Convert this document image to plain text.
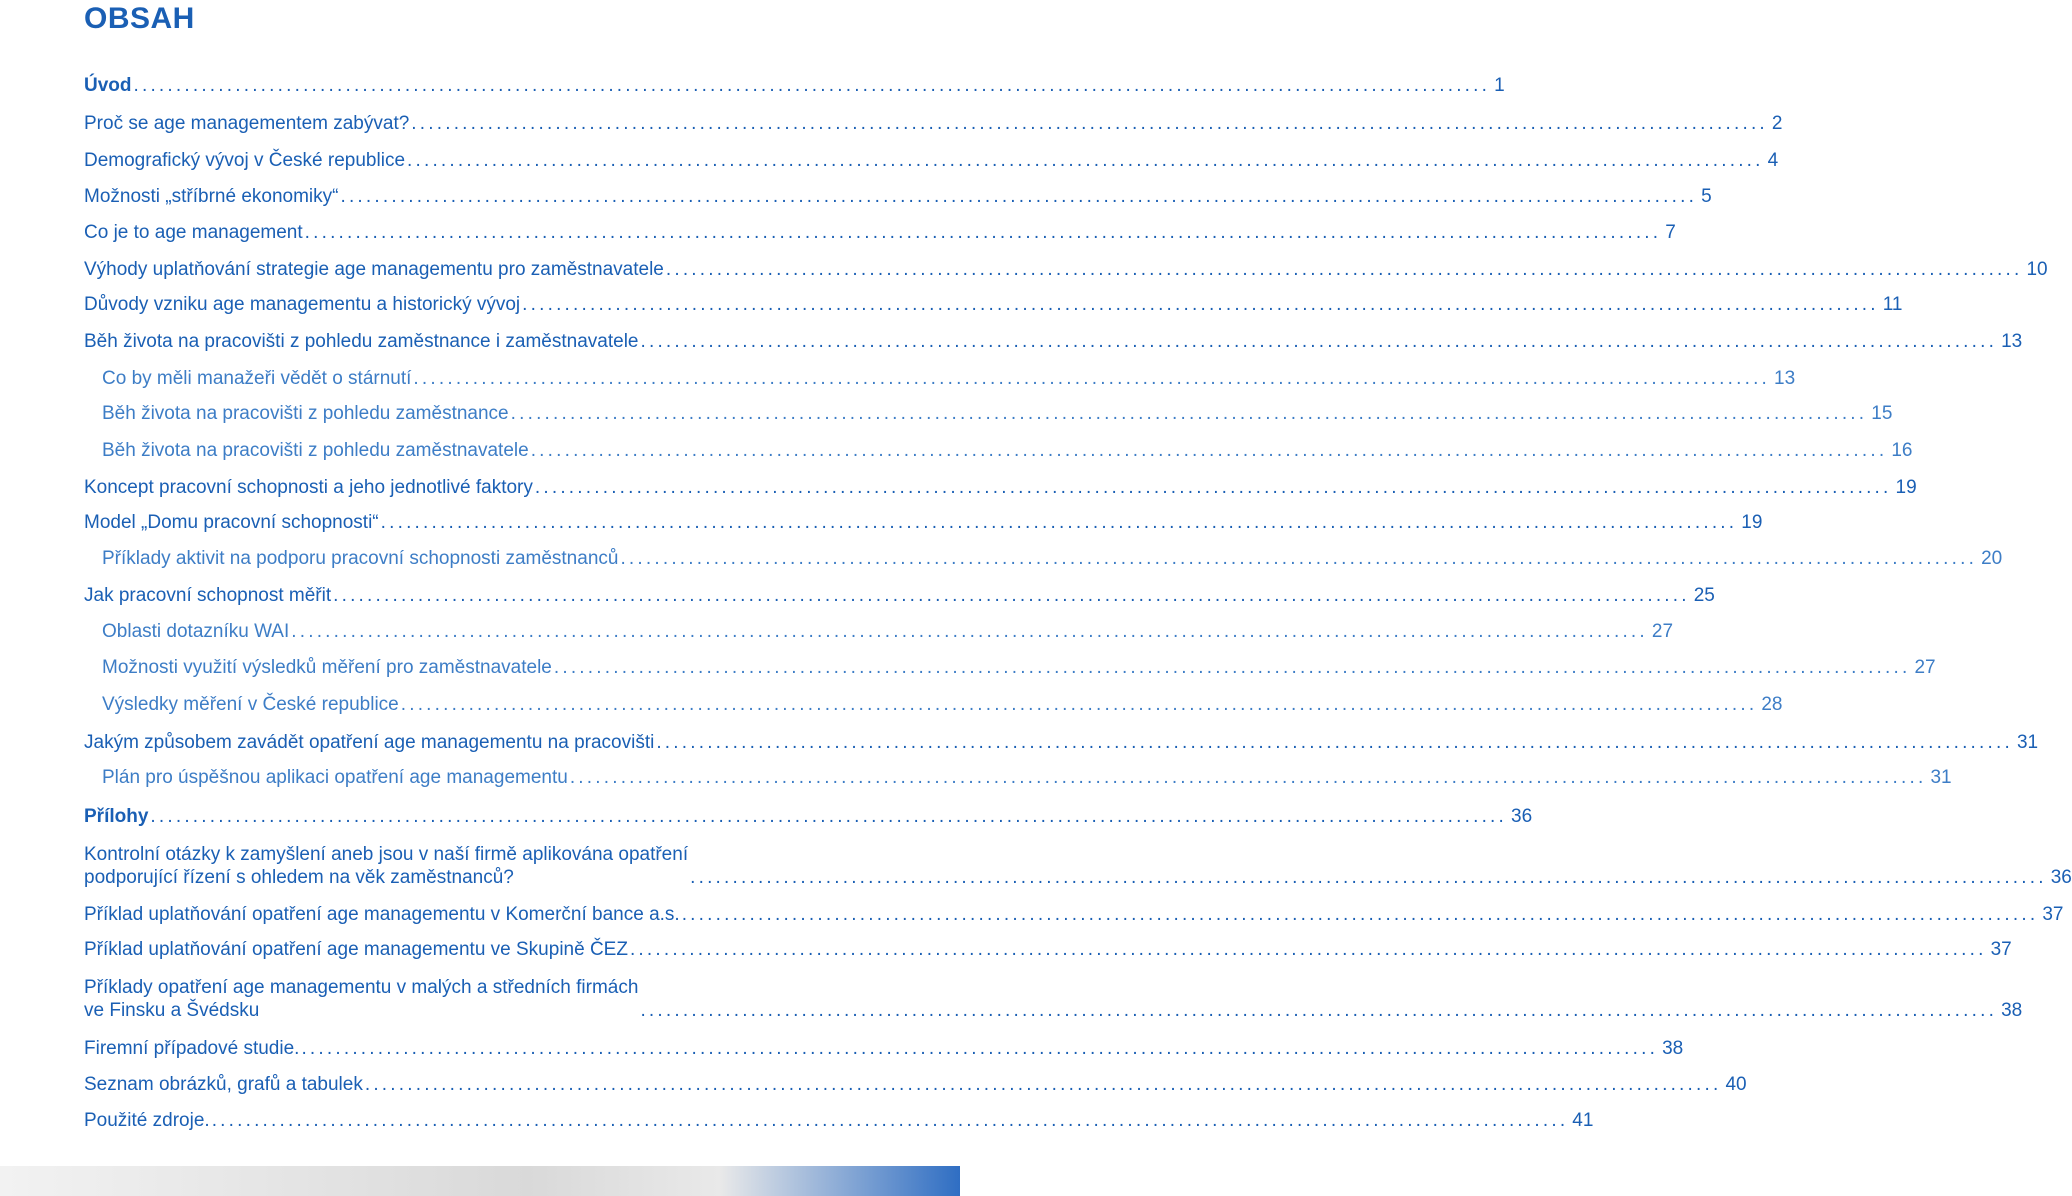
OBSAH
Úvod ................................................................................................................................................................ 1
Proč se age managementem zabývat? ................................................................................................................................................................ 2
Demografický vývoj v České republice ................................................................................................................................................................ 4
Možnosti „stříbrné ekonomiky“ ................................................................................................................................................................ 5
Co je to age management ................................................................................................................................................................ 7
Výhody uplatňování strategie age managementu pro zaměstnavatele ................................................................................................................................................................ 10
Důvody vzniku age managementu a historický vývoj ................................................................................................................................................................ 11
Běh života na pracovišti z pohledu zaměstnance i zaměstnavatele ................................................................................................................................................................ 13
Co by měli manažeři vědět o stárnutí ................................................................................................................................................................ 13
Běh života na pracovišti z pohledu zaměstnance ................................................................................................................................................................ 15
Běh života na pracovišti z pohledu zaměstnavatele ................................................................................................................................................................ 16
Koncept pracovní schopnosti a jeho jednotlivé faktory ................................................................................................................................................................ 19
Model „Domu pracovní schopnosti“ ................................................................................................................................................................ 19
Příklady aktivit na podporu pracovní schopnosti zaměstnanců ................................................................................................................................................................ 20
Jak pracovní schopnost měřit ................................................................................................................................................................ 25
Oblasti dotazníku WAI ................................................................................................................................................................ 27
Možnosti využití výsledků měření pro zaměstnavatele ................................................................................................................................................................ 27
Výsledky měření v České republice ................................................................................................................................................................ 28
Jakým způsobem zavádět opatření age managementu na pracovišti ................................................................................................................................................................ 31
Plán pro úspěšnou aplikaci opatření age managementu ................................................................................................................................................................ 31
Přílohy ................................................................................................................................................................ 36
Kontrolní otázky k zamyšlení aneb jsou v naší firmě aplikována opatření
podporující řízení s ohledem na věk zaměstnanců?	................................................................................................................................................................ 36
Příklad uplatňování opatření age managementu v Komerční bance a.s. ................................................................................................................................................................ 37
Příklad uplatňování opatření age managementu ve Skupině ČEZ ................................................................................................................................................................ 37
Příklady opatření age managementu v malých a středních firmách
ve Finsku a Švédsku	................................................................................................................................................................ 38
Firemní případové studie. ................................................................................................................................................................ 38
Seznam obrázků, grafů a tabulek ................................................................................................................................................................ 40
Použité zdroje. ................................................................................................................................................................ 41
